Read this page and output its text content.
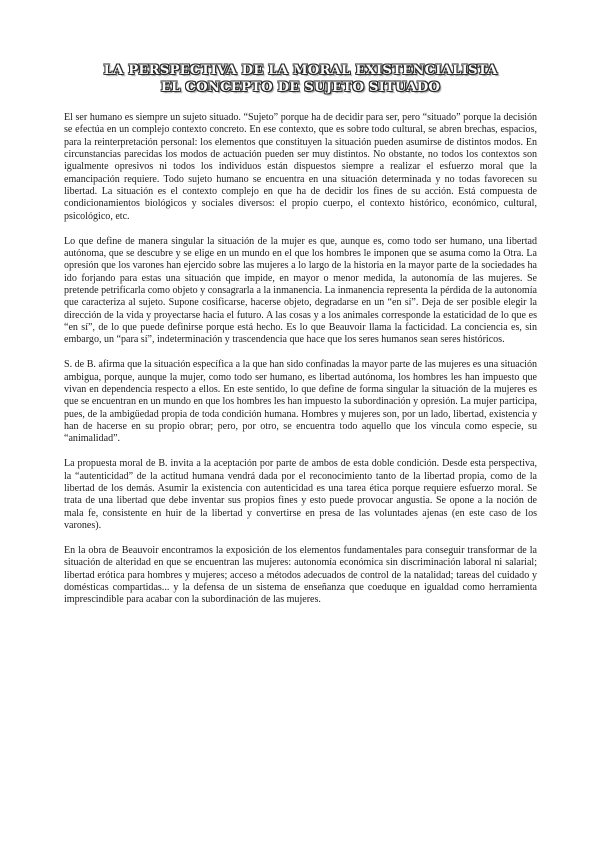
LA PERSPECTIVA DE LA MORAL EXISTENCIALISTA
EL CONCEPTO DE SUJETO SITUADO

El ser humano es siempre un sujeto situado. “Sujeto” porque ha de decidir para ser, pero “situado” porque la decisión se efectúa en un complejo contexto concreto. En ese contexto, que es sobre todo cultural, se abren brechas, espacios, para la reinterpretación personal: los elementos que constituyen la situación pueden asumirse de distintos modos. En circunstancias parecidas los modos de actuación pueden ser muy distintos. No obstante, no todos los contextos son igualmente opresivos ni todos los individuos están dispuestos siempre a realizar el esfuerzo moral que la emancipación requiere. Todo sujeto humano se encuentra en una situación determinada y no todas favorecen su libertad. La situación es el contexto complejo en que ha de decidir los fines de su acción. Está compuesta de condicionamientos biológicos y sociales diversos: el propio cuerpo, el contexto histórico, económico, cultural, psicológico, etc.

Lo que define de manera singular la situación de la mujer es que, aunque es, como todo ser humano, una libertad autónoma, que se descubre y se elige en un mundo en el que los hombres le imponen que se asuma como la Otra. La opresión que los varones han ejercido sobre las mujeres a lo largo de la historia en la mayor parte de la sociedades ha ido forjando para estas una situación que impide, en mayor o menor medida, la autonomía de las mujeres. Se pretende petrificarla como objeto y consagrarla a la inmanencia. La inmanencia representa la pérdida de la autonomía que caracteriza al sujeto. Supone cosificarse, hacerse objeto, degradarse en un “en sí”. Deja de ser posible elegir la dirección de la vida y proyectarse hacia el futuro. A las cosas y a los animales corresponde la estaticidad de lo que es “en sí”, de lo que puede definirse porque está hecho. Es lo que Beauvoir llama la facticidad. La conciencia es, sin embargo, un “para sí”, indeterminación y trascendencia que hace que los seres humanos sean seres históricos.

S. de B. afirma que la situación específica a la que han sido confinadas la mayor parte de las mujeres es una situación ambigua, porque, aunque la mujer, como todo ser humano, es libertad autónoma, los hombres les han impuesto que vivan en dependencia respecto a ellos. En este sentido, lo que define de forma singular la situación de la mujeres es que se encuentran en un mundo en que los hombres les han impuesto la subordinación y opresión. La mujer participa, pues, de la ambigüedad propia de toda condición humana. Hombres y mujeres son, por un lado, libertad, existencia y han de hacerse en su propio obrar; pero, por otro, se encuentra todo aquello que los vincula como especie, su “animalidad”.

La propuesta moral de B. invita a la aceptación por parte de ambos de esta doble condición. Desde esta perspectiva, la “autenticidad” de la actitud humana vendrá dada por el reconocimiento tanto de la libertad propia, como de la libertad de los demás. Asumir la existencia con autenticidad es una tarea ética porque requiere esfuerzo moral. Se trata de una libertad que debe inventar sus propios fines y esto puede provocar angustia. Se opone a la noción de mala fe, consistente en huir de la libertad y convertirse en presa de las voluntades ajenas (en este caso de los varones).

En la obra de Beauvoir encontramos la exposición de los elementos fundamentales para conseguir transformar de la situación de alteridad en que se encuentran las mujeres: autonomía económica sin discriminación laboral ni salarial; libertad erótica para hombres y mujeres; acceso a métodos adecuados de control de la natalidad; tareas del cuidado y domésticas compartidas... y la defensa de un sistema de enseñanza que coeduque en igualdad como herramienta imprescindible para acabar con la subordinación de las mujeres.
